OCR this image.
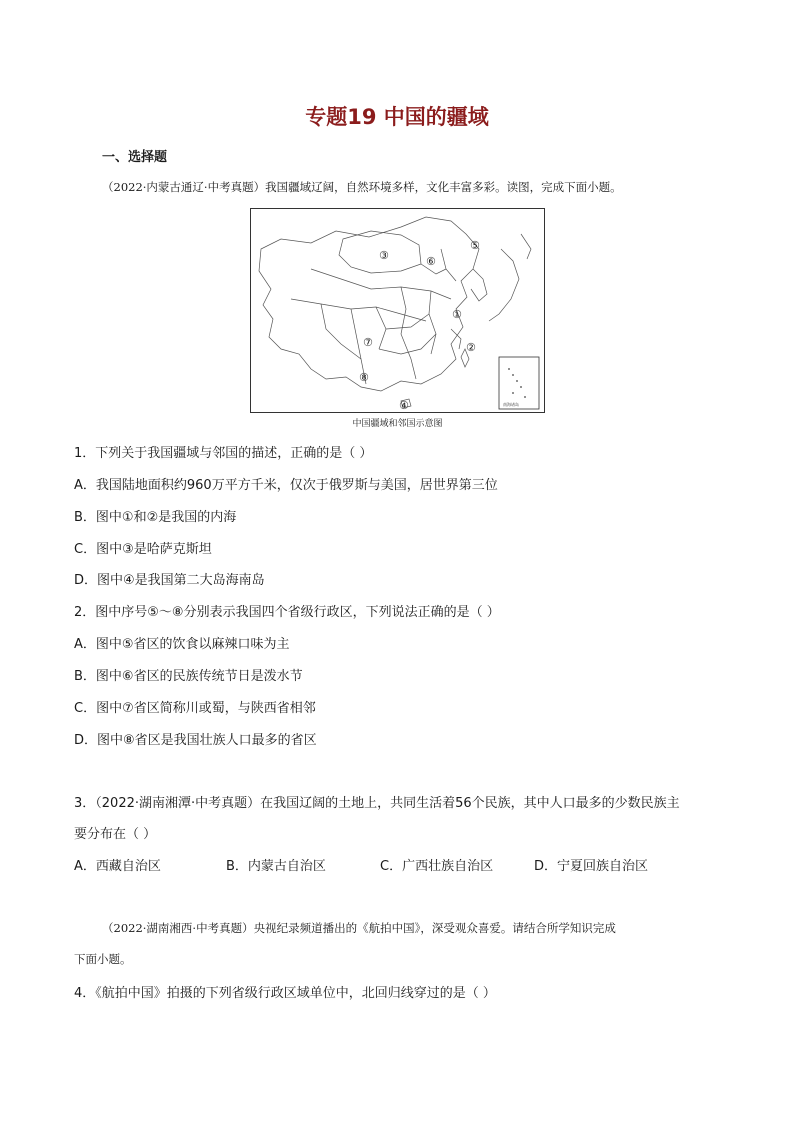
专题19 中国的疆域
一、选择题
（2022·内蒙古通辽·中考真题）我国疆域辽阔，自然环境多样，文化丰富多彩。读图，完成下面小题。
南海诸岛
③
⑤
⑥
①
⑦	②
⑧
④
中国疆域和邻国示意图
1．下列关于我国疆域与邻国的描述，正确的是（ ）
A．我国陆地面积约960万平方千米，仅次于俄罗斯与美国，居世界第三位
B．图中①和②是我国的内海
C．图中③是哈萨克斯坦
D．图中④是我国第二大岛海南岛
2．图中序号⑤～⑧分别表示我国四个省级行政区，下列说法正确的是（ ）
A．图中⑤省区的饮食以麻辣口味为主
B．图中⑥省区的民族传统节日是泼水节
C．图中⑦省区简称川或蜀，与陕西省相邻
D．图中⑧省区是我国壮族人口最多的省区
3．（2022·湖南湘潭·中考真题）在我国辽阔的土地上，共同生活着56个民族，其中人口最多的少数民族主
要分布在（ ）
A．西藏自治区	B．内蒙古自治区	C．广西壮族自治区	D．宁夏回族自治区
（2022·湖南湘西·中考真题）央视纪录频道播出的《航拍中国》，深受观众喜爱。请结合所学知识完成
下面小题。
4．《航拍中国》拍摄的下列省级行政区域单位中，北回归线穿过的是（ ）
